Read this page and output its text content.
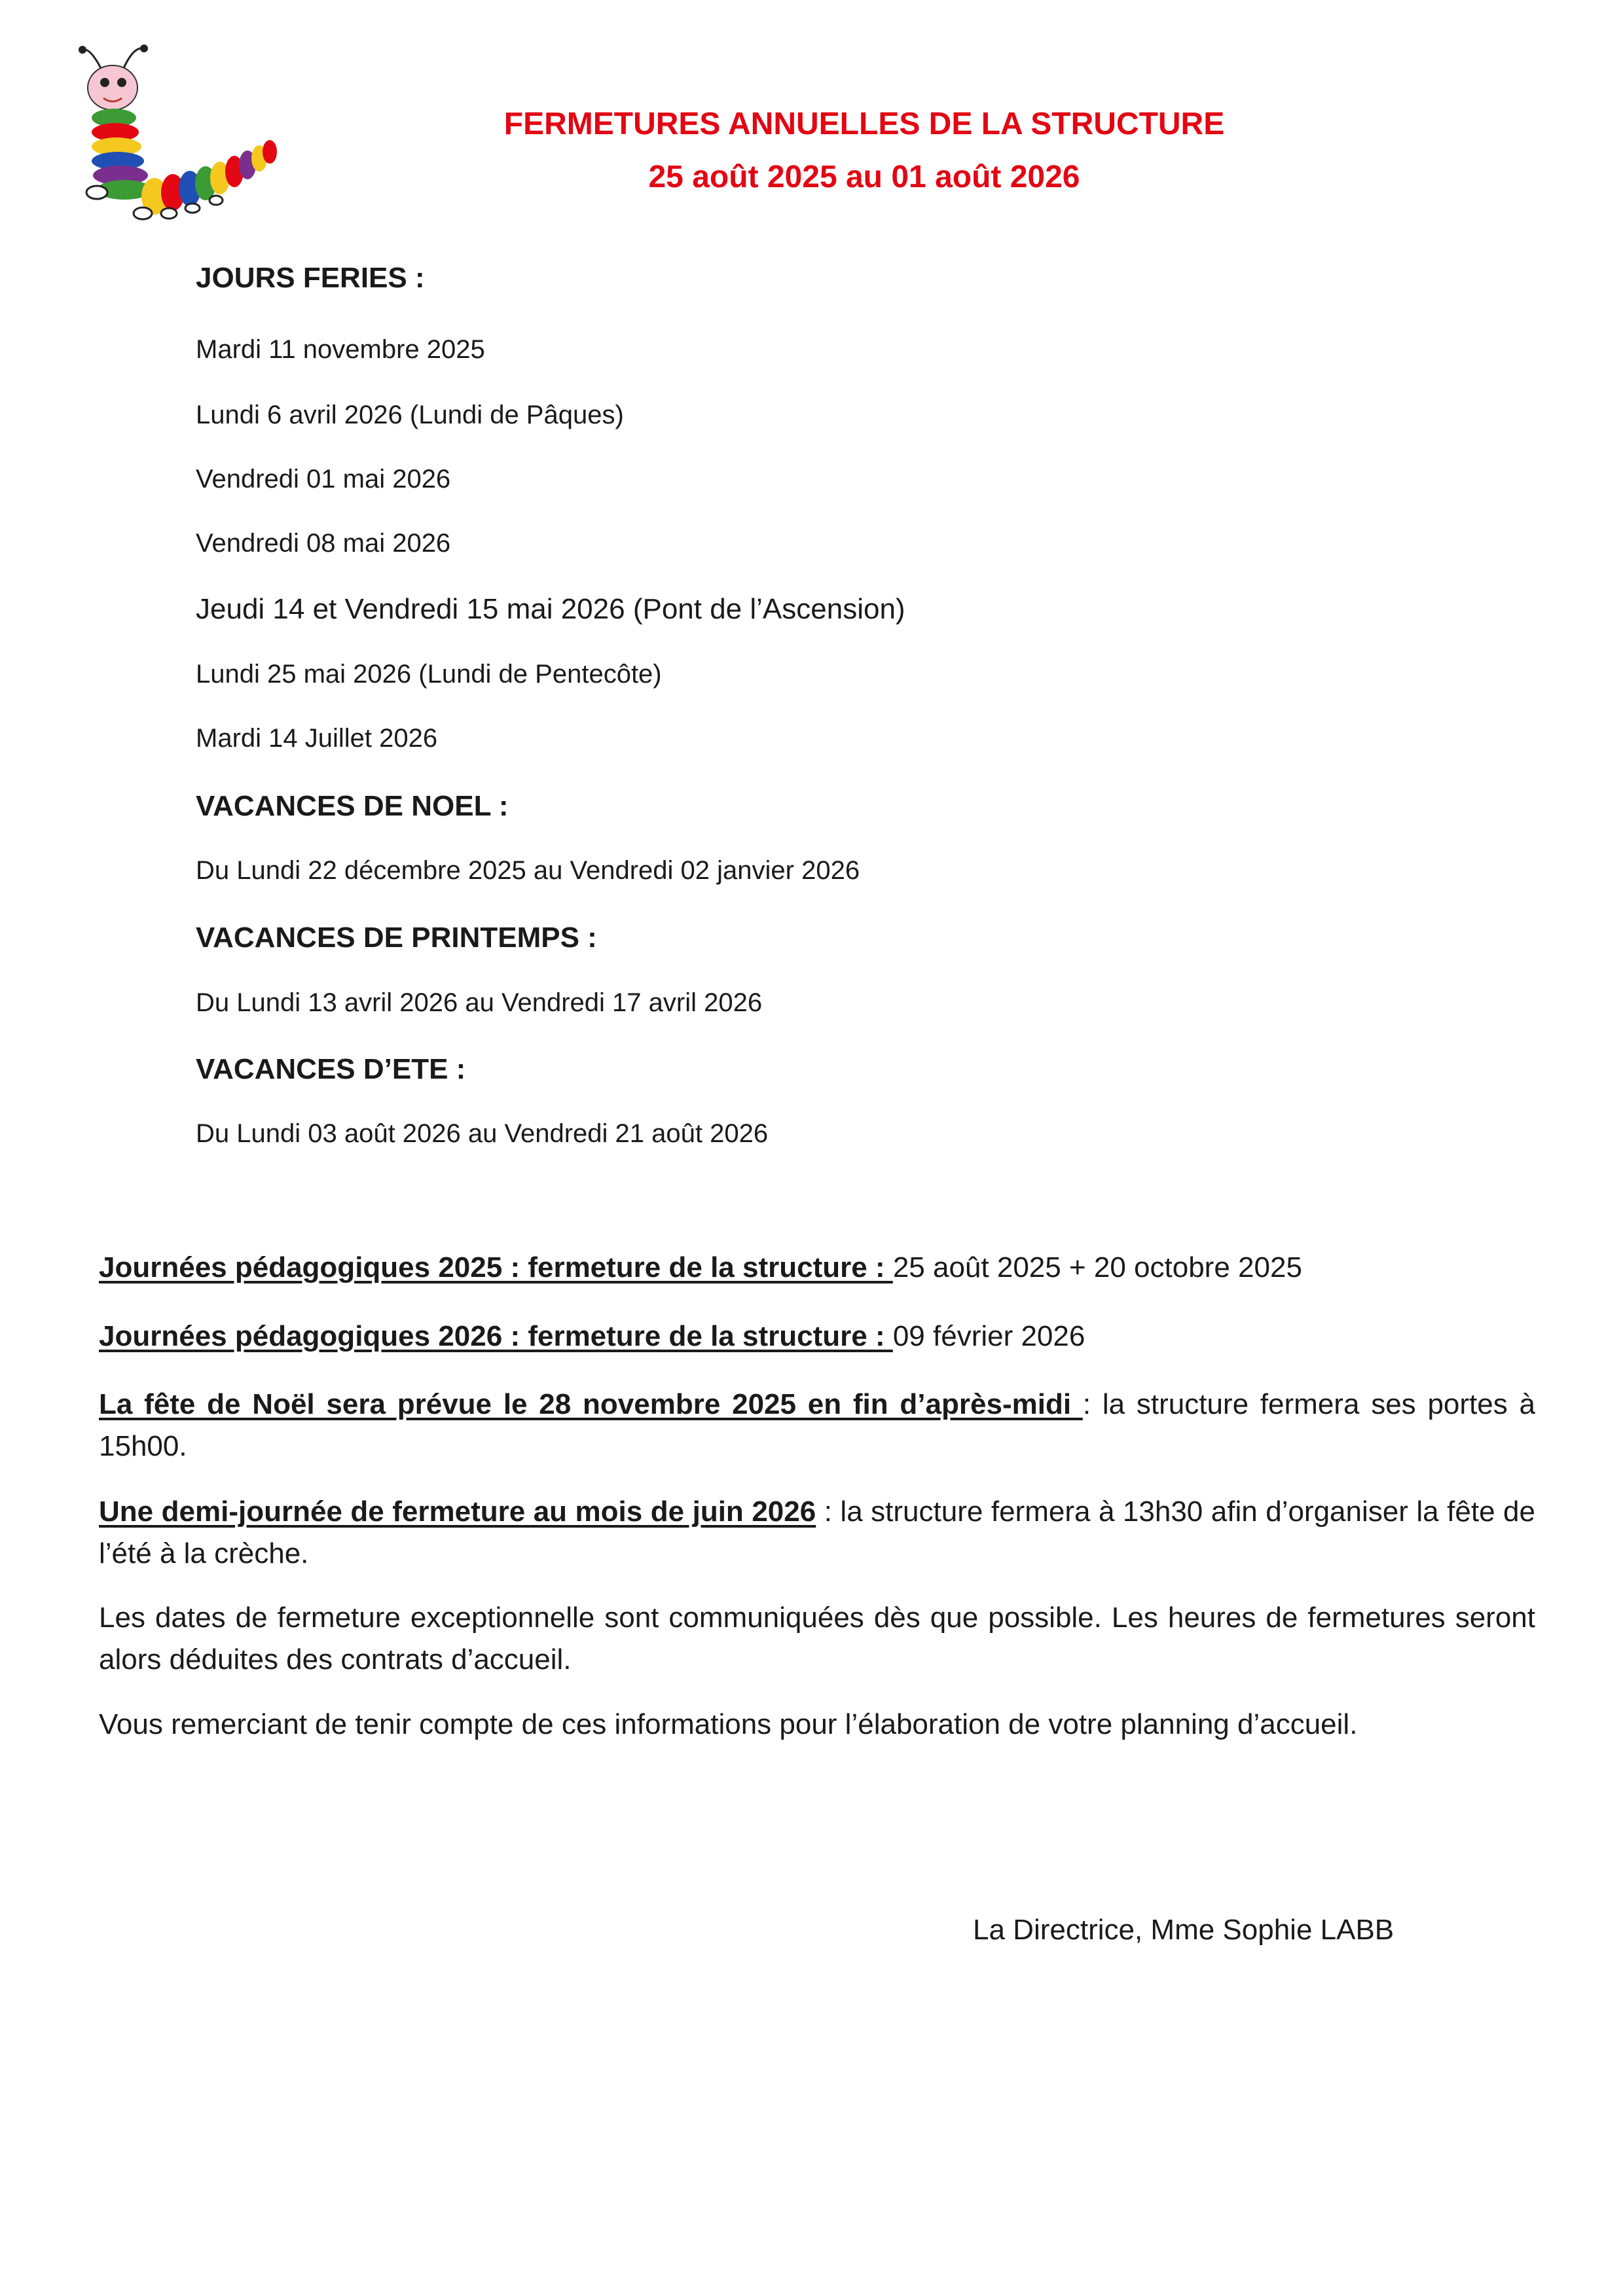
FERMETURES ANNUELLES DE LA STRUCTURE
25 août 2025 au 01 août 2026
JOURS FERIES :
Mardi 11 novembre 2025
Lundi 6 avril 2026 (Lundi de Pâques)
Vendredi 01 mai 2026
Vendredi 08 mai 2026
Jeudi 14 et Vendredi 15 mai 2026 (Pont de l’Ascension)
Lundi 25 mai 2026 (Lundi de Pentecôte)
Mardi 14 Juillet 2026
VACANCES DE NOEL :
Du Lundi 22 décembre 2025 au Vendredi 02 janvier 2026
VACANCES DE PRINTEMPS :
Du Lundi 13 avril 2026 au Vendredi 17 avril 2026
VACANCES D’ETE :
Du Lundi 03 août 2026 au Vendredi 21 août 2026
Journées pédagogiques 2025 : fermeture de la structure : 25 août 2025 + 20 octobre 2025
Journées pédagogiques 2026 : fermeture de la structure : 09 février 2026
La fête de Noël sera prévue le 28 novembre 2025 en fin d’après-midi : la structure fermera ses portes à 15h00.
Une demi-journée de fermeture au mois de juin 2026 : la structure fermera à 13h30 afin d’organiser la fête de l’été à la crèche.
Les dates de fermeture exceptionnelle sont communiquées dès que possible. Les heures de fermetures seront alors déduites des contrats d’accueil.
Vous remerciant de tenir compte de ces informations pour l’élaboration de votre planning d’accueil.
La Directrice, Mme Sophie LABB
